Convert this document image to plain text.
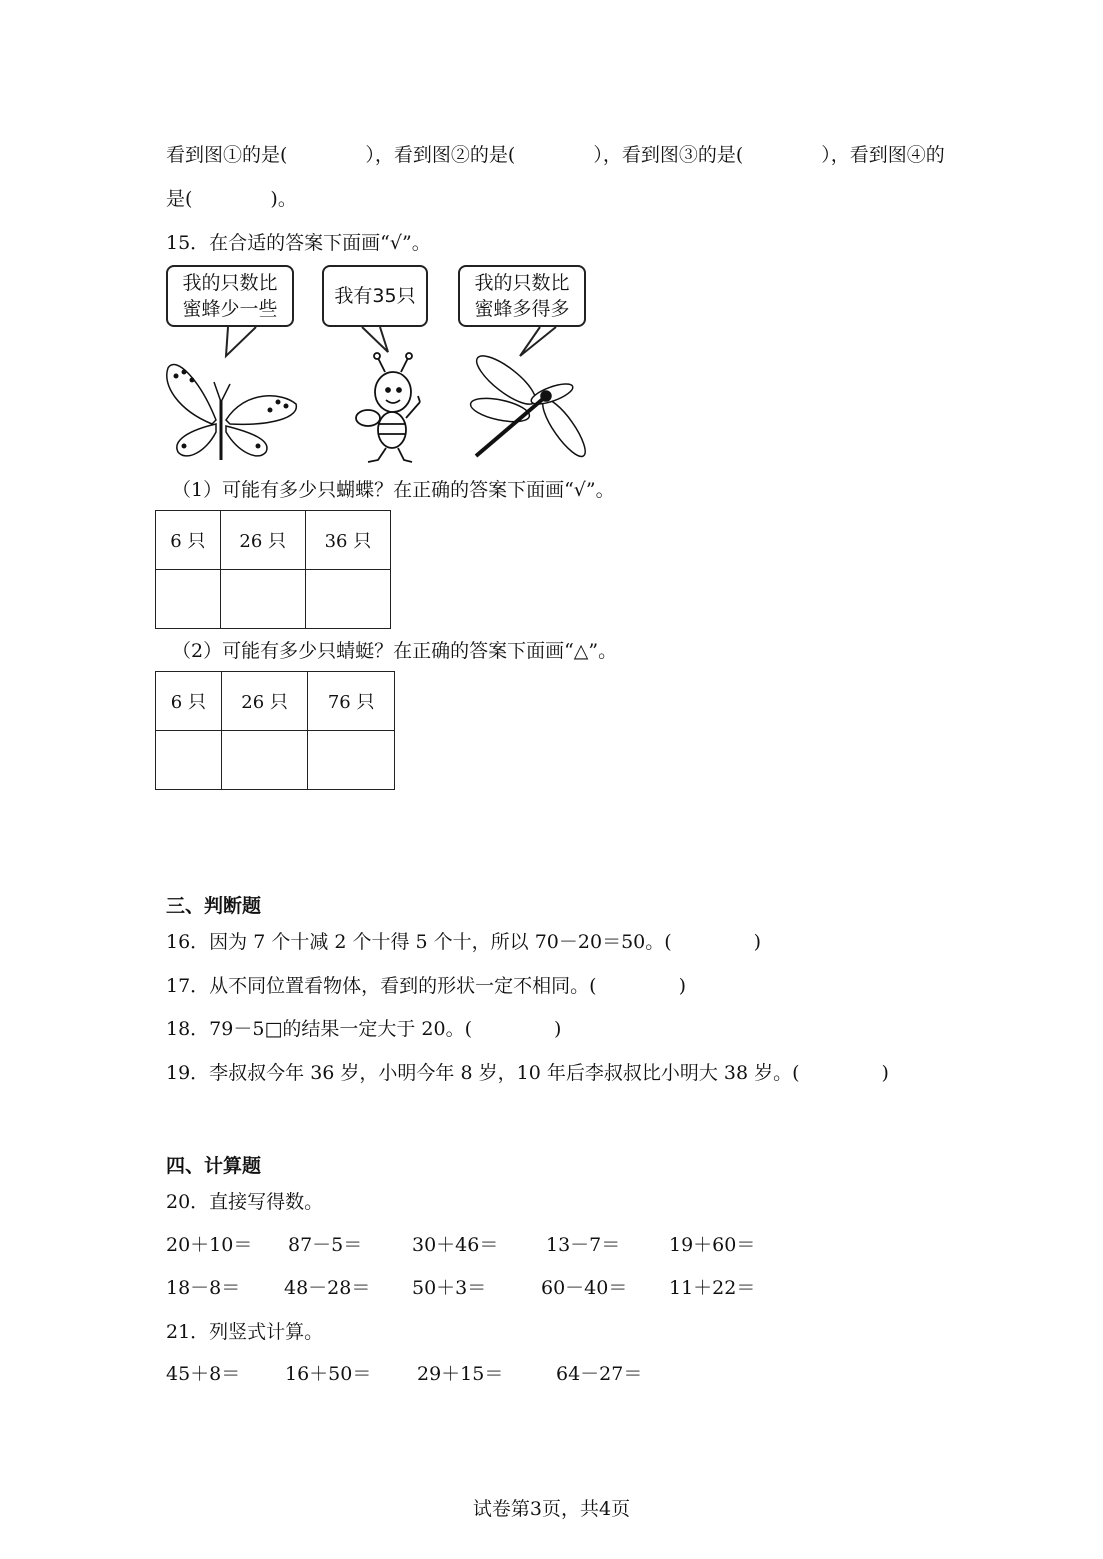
看到图①的是(	），看到图②的是(	），看到图③的是(	），看到图④的
是(	)。
15．在合适的答案下面画“√”。
我的只数比
蜜蜂少一些
我有35只
我的只数比
蜜蜂多得多
（1）可能有多少只蝴蝶？在正确的答案下面画“√”。
6 只	26 只	36 只

（2）可能有多少只蜻蜓？在正确的答案下面画“△”。
6 只	26 只	76 只

三、判断题
16．因为 7 个十减 2 个十得 5 个十，所以 70－20＝50。(	)
17．从不同位置看物体，看到的形状一定不相同。(	)
18．79－5□的结果一定大于 20。(	)
19．李叔叔今年 36 岁，小明今年 8 岁，10 年后李叔叔比小明大 38 岁。(	)
四、计算题
20．直接写得数。
20＋10＝ 87－5＝	30＋46＝	13－7＝	19＋60＝
18－8＝ 48－28＝ 50＋3＝	60－40＝ 11＋22＝
21．列竖式计算。
45＋8＝ 16＋50＝ 29＋15＝	64－27＝
试卷第3页，共4页
